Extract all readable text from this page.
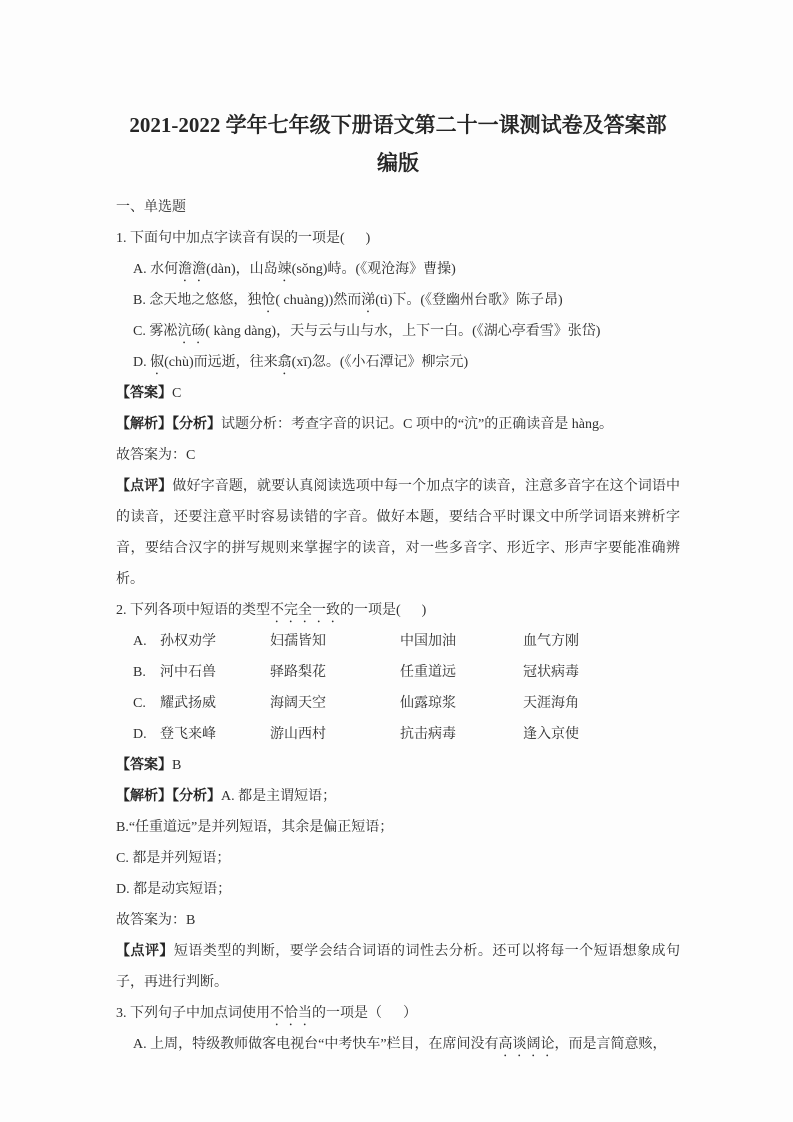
2021-2022 学年七年级下册语文第二十一课测试卷及答案部
编版
一、单选题
1. 下面句中加点字读音有误的一项是(      )
A. 水何澹澹(dàn)，山岛竦(sǒng)峙。(《观沧海》曹操)
B. 念天地之悠悠，独怆( chuàng))然而涕(tì)下。(《登幽州台歌》陈子昂)
C. 雾凇沆砀( kàng dàng)，天与云与山与水，上下一白。(《湖心亭看雪》张岱)
D. 俶(chù)而远逝，往来翕(xī)忽。(《小石潭记》柳宗元)
【答案】C
【解析】【分析】试题分析：考查字音的识记。C 项中的“沆”的正确读音是 hàng。
故答案为：C
【点评】做好字音题，就要认真阅读选项中每一个加点字的读音，注意多音字在这个词语中的读音，还要注意平时容易读错的字音。做好本题，要结合平时课文中所学词语来辨析字音，要结合汉字的拼写规则来掌握字的读音，对一些多音字、形近字、形声字要能准确辨析。
2. 下列各项中短语的类型不完全一致的一项是(      )
A. 孙权劝学	妇孺皆知	中国加油	血气方刚
B.	河中石兽	驿路梨花	任重道远	冠状病毒
C.	耀武扬威	海阔天空	仙露琼浆	天涯海角
D. 登飞来峰	游山西村	抗击病毒	逢入京使
【答案】B
【解析】【分析】A. 都是主谓短语；
B.“任重道远”是并列短语，其余是偏正短语；
C. 都是并列短语；
D. 都是动宾短语；
故答案为：B
【点评】短语类型的判断，要学会结合词语的词性去分析。还可以将每一个短语想象成句子，再进行判断。
3. 下列句子中加点词使用不恰当的一项是（      ）
A. 上周，特级教师做客电视台“中考快车”栏目，在席间没有高谈阔论，而是言简意赅，
